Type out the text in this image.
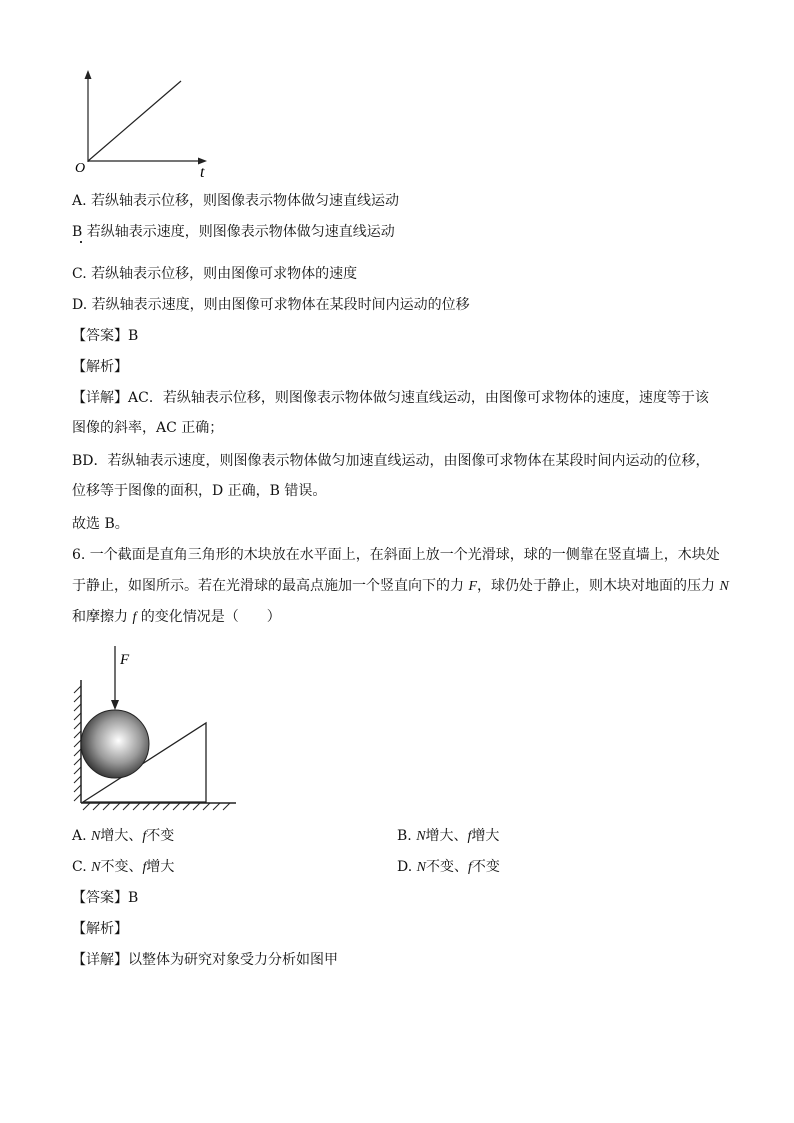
O	t
A. 若纵轴表示位移，则图像表示物体做匀速直线运动
B 若纵轴表示速度，则图像表示物体做匀速直线运动
C. 若纵轴表示位移，则由图像可求物体的速度
D. 若纵轴表示速度，则由图像可求物体在某段时间内运动的位移
【答案】B
【解析】
【详解】AC．若纵轴表示位移，则图像表示物体做匀速直线运动，由图像可求物体的速度，速度等于该图像的斜率，AC 正确；
BD．若纵轴表示速度，则图像表示物体做匀加速直线运动，由图像可求物体在某段时间内运动的位移，位移等于图像的面积，D 正确，B 错误。
故选 B。
6. 一个截面是直角三角形的木块放在水平面上，在斜面上放一个光滑球，球的一侧靠在竖直墙上，木块处
于静止，如图所示。若在光滑球的最高点施加一个竖直向下的力 F，球仍处于静止，则木块对地面的压力 N
和摩擦力 f 的变化情况是（　　）
F
A. N增大、f不变	B. N增大、f增大
C. N不变、f增大	D. N不变、f不变
【答案】B
【解析】
【详解】以整体为研究对象受力分析如图甲
